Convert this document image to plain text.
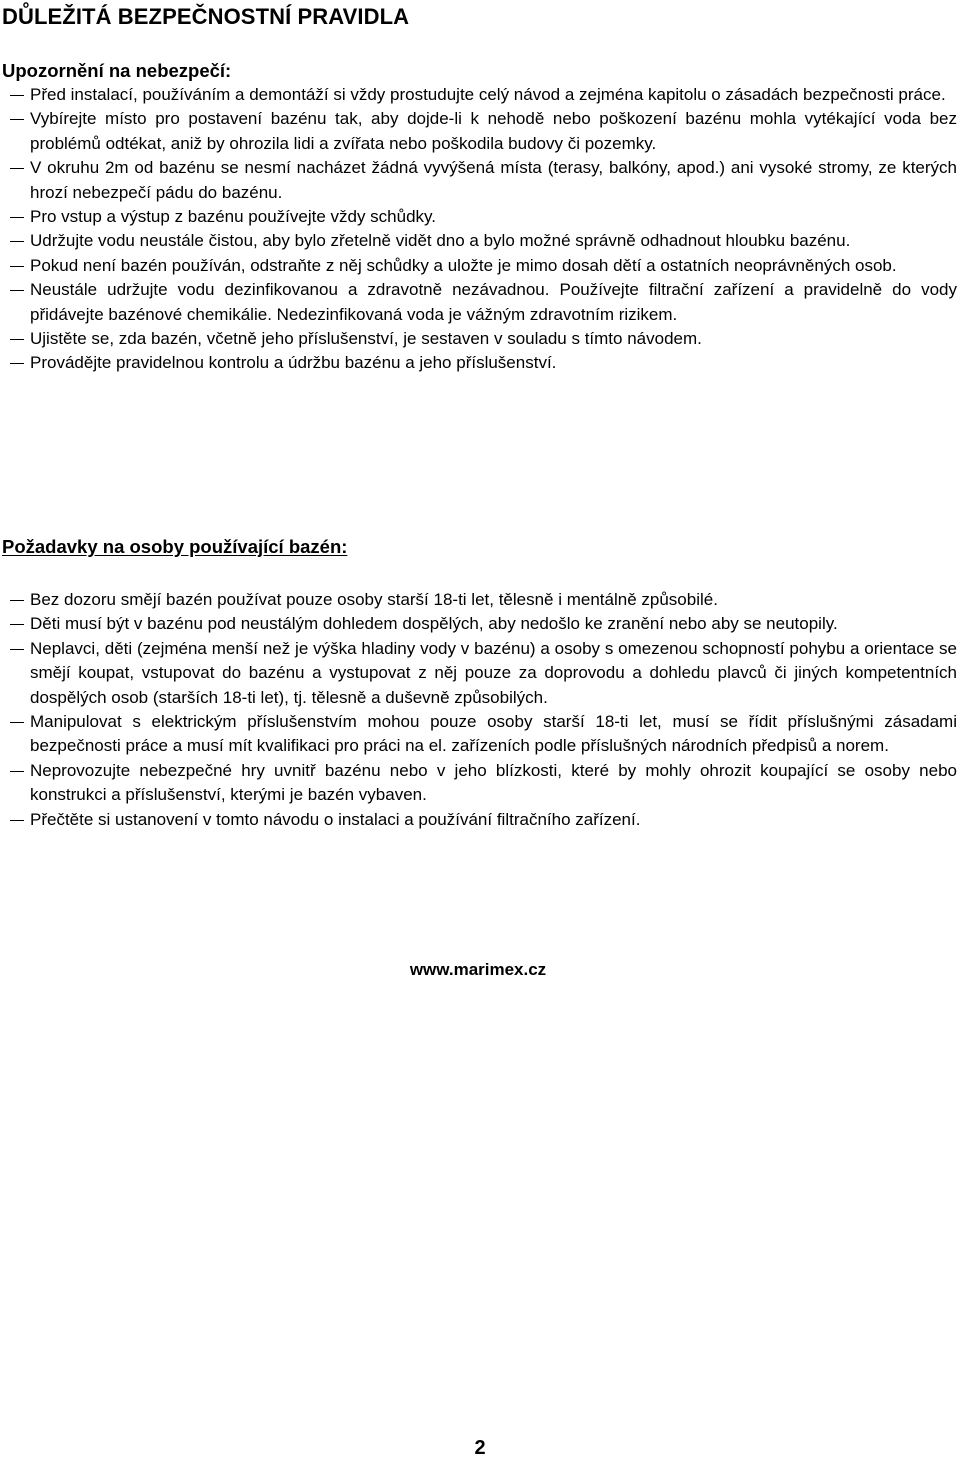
DŮLEŽITÁ BEZPEČNOSTNÍ PRAVIDLA
Upozornění na nebezpečí:
Před instalací, používáním a demontáží si vždy prostudujte celý návod a zejména kapitolu o zásadách bezpečnosti práce.
Vybírejte místo pro postavení bazénu tak, aby dojde-li k nehodě nebo poškození bazénu mohla vytékající voda bez problémů odtékat, aniž by ohrozila lidi a zvířata nebo poškodila budovy či pozemky.
V okruhu 2m od bazénu se nesmí nacházet žádná vyvýšená místa (terasy, balkóny, apod.) ani vysoké stromy, ze kterých hrozí nebezpečí pádu do bazénu.
Pro vstup a výstup z bazénu používejte vždy schůdky.
Udržujte vodu neustále čistou, aby bylo zřetelně vidět dno a bylo možné správně odhadnout hloubku bazénu.
Pokud není bazén používán, odstraňte z něj schůdky a uložte je mimo dosah dětí a ostatních neoprávněných osob.
Neustále udržujte vodu dezinfikovanou a zdravotně nezávadnou. Používejte filtrační zařízení a pravidelně do vody přidávejte bazénové chemikálie. Nedezinfikovaná voda je vážným zdravotním rizikem.
Ujistěte se, zda bazén, včetně jeho příslušenství, je sestaven v souladu s tímto návodem.
Provádějte pravidelnou kontrolu a údržbu bazénu a jeho příslušenství.
Požadavky na osoby používající bazén:
Bez dozoru smějí bazén používat pouze osoby starší 18-ti let, tělesně i mentálně způsobilé.
Děti musí být v bazénu pod neustálým dohledem dospělých, aby nedošlo ke zranění nebo aby se neutopily.
Neplavci, děti (zejména menší než je výška hladiny vody v bazénu) a osoby s omezenou schopností pohybu a orientace se smějí koupat, vstupovat do bazénu a vystupovat z něj pouze za doprovodu a dohledu plavců či jiných kompetentních dospělých osob (starších 18-ti let), tj. tělesně a duševně způsobilých.
Manipulovat s elektrickým příslušenstvím mohou pouze osoby starší 18-ti let, musí se řídit příslušnými zásadami bezpečnosti práce a musí mít kvalifikaci pro práci na el. zařízeních podle příslušných národních předpisů a norem.
Neprovozujte nebezpečné hry uvnitř bazénu nebo v jeho blízkosti, které by mohly ohrozit koupající se osoby nebo konstrukci a příslušenství, kterými je bazén vybaven.
Přečtěte si ustanovení v tomto návodu o instalaci a používání filtračního zařízení.
www.marimex.cz
2
